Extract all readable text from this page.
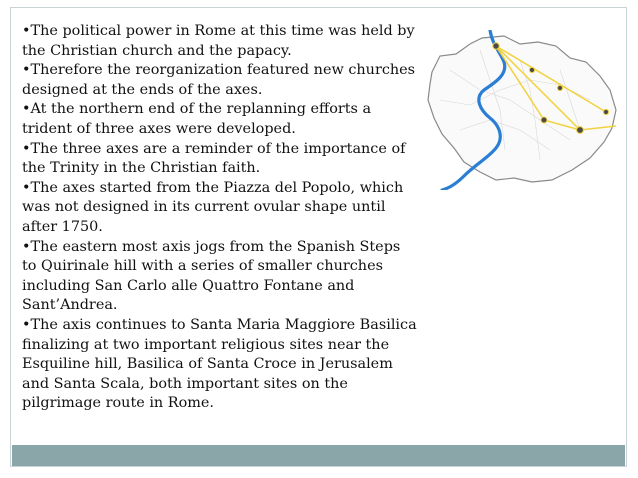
•The political power in Rome at this time was held by the Christian church and the papacy.

•Therefore the reorganization featured new churches designed at the ends of the axes.

•At the northern end of the replanning efforts a trident of three axes were developed.

•The three axes are a reminder of the importance of the Trinity in the Christian faith.

•The axes started from the Piazza del Popolo, which was not designed in its current ovular shape until after 1750.

•The eastern most axis jogs from the Spanish Steps to Quirinale hill with a series of smaller churches including San Carlo alle Quattro Fontane and Sant’Andrea.

•The axis continues to Santa Maria Maggiore Basilica finalizing at two important religious sites near the Esquiline hill, Basilica of Santa Croce in Jerusalem and Santa Scala, both important sites on the pilgrimage route in Rome.
